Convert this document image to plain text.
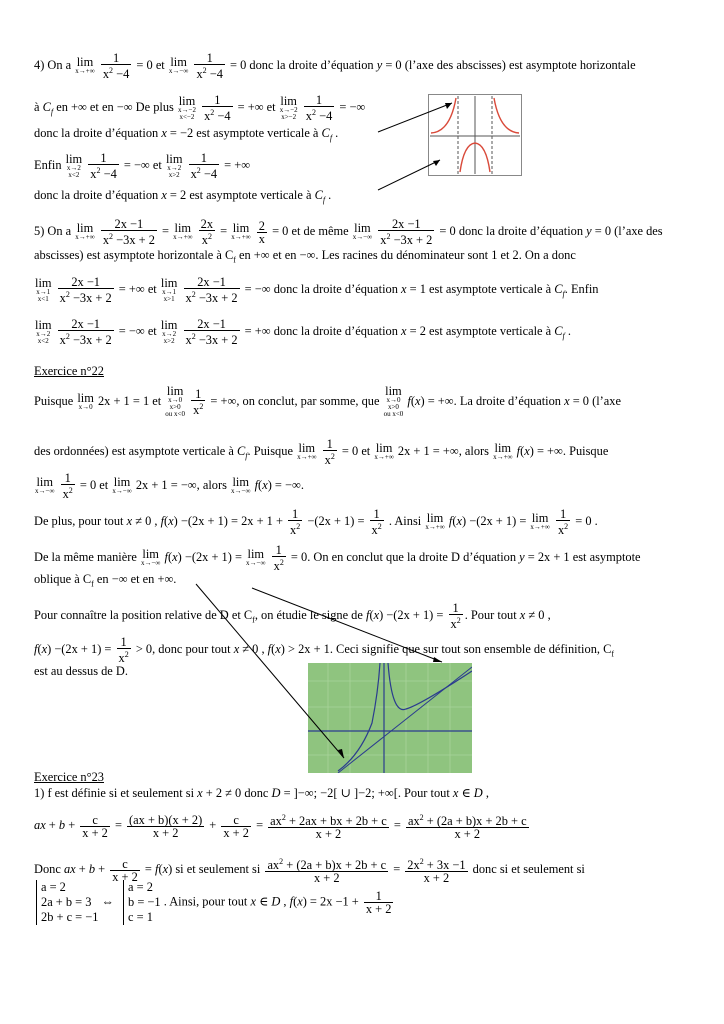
4) On a lim
x→+∞
$\frac{1}{x^2 -4} = 0$ et lim
x→−∞
$\frac{1}{x^2 -4} = 0$ donc la droite d’équation y = 0 (l’axe des abscisses) est asymptote horizontale
à $C_f$ en +∞ et en −∞ De plus lim
x→−2
x<−2
$\frac{1}{x^2 -4}$ = +∞ et lim
x→−2
x>−2
$\frac{1}{x^2 -4}$ = −∞
donc la droite d’équation x = −2 est asymptote verticale à $C_f$ .
Enfin lim
x→2
x<2
$\frac{1}{x^2 -4}$ = −∞ et lim
x→2
x>2
$\frac{1}{x^2 -4}$ = +∞
donc la droite d’équation x = 2 est asymptote verticale à $C_f$ .
5) On a lim
x→+∞
$\frac{2x -1}{x^2 -3x + 2} = \lim$
x→+∞
$\frac{2x}{x^2} = \lim$
x→+∞
$\frac{2}{x} = 0$ et de même lim
x→−∞
$\frac{2x -1}{x^2 -3x + 2} = 0$ donc la droite d’équation y = 0 (l’axe des
abscisses) est asymptote horizontale à $C_f$ en +∞ et en −∞. Les racines du dénominateur sont 1 et 2. On a donc
lim
x→1
x<1
$\frac{2x -1}{x^2 -3x + 2}$ = +∞ et lim
x→1
x>1
$\frac{2x -1}{x^2 -3x + 2}$ = −∞ donc la droite d’équation x = 1 est asymptote verticale à $C_f$. Enfin
lim
x→2
x<2
$\frac{2x -1}{x^2 -3x + 2}$ = −∞ et lim
x→2
x>2
$\frac{2x -1}{x^2 -3x + 2}$ = +∞ donc la droite d’équation x = 2 est asymptote verticale à $C_f$ .
Exercice n°22
Puisque lim
x→0 2x + 1 = 1 et
lim
x→0
x>0
ou x<0
$\frac{1}{x^2}$ = +∞, on conclut, par somme, que
lim
x→0
x>0
ou x<0
f(x) = +∞. La droite d’équation x = 0 (l’axe
des ordonnées) est asymptote verticale à $C_f$. Puisque lim
x→+∞
$\frac{1}{x^2} = 0$ et lim
x→+∞ 2x + 1 = +∞, alors lim
x→+∞ f(x) = +∞. Puisque
lim
x→−∞
$\frac{1}{x^2} = 0$ et lim
x→−∞ 2x + 1 = −∞, alors lim
x→−∞ f(x) = −∞.
De plus, pour tout x ≠ 0 , $f(x) -(2x + 1) = 2x + 1 + \frac{1}{x^2} -(2x + 1) = \frac{1}{x^2}$ . Ainsi lim
x→+∞ f(x) −(2x + 1) = lim
x→+∞
$\frac{1}{x^2} = 0$ .
De la même manière lim
x→−∞ f(x) −(2x + 1) = lim
x→−∞
$\frac{1}{x^2} = 0$. On en conclut que la droite D d’équation y = 2x + 1 est asymptote
oblique à $C_f$ en −∞ et en +∞.
Pour connaître la position relative de D et $C_f$, on étudie le signe de $f(x) -(2x + 1) = \frac{1}{x^2}$ . Pour tout x ≠ 0 ,
$f(x) -(2x + 1) = \frac{1}{x^2} > 0$, donc pour tout x ≠ 0 , f(x) > 2x + 1. Ceci signifie que sur tout son ensemble de définition, $C_f$
est au dessus de D.
Exercice n°23
1) f est définie si et seulement si x + 2 ≠ 0 donc D = ]−∞; −2[ ∪ ]−2; +∞[. Pour tout x ∈ D ,
ax + $b + \frac{c}{x + 2} = \frac{(ax + b)(x + 2)}{x + 2} + \frac{c}{x + 2} = \frac{ax^2 + 2ax + bx + 2b + c}{x + 2} = \frac{ax^2 + (2a + b)x + 2b + c}{x + 2}$
Donc ax + $b + \frac{c}{x + 2} = f(x)$ si et seulement si $\frac{ax^2 + (2a + b)x + 2b + c}{x + 2} = \frac{2x^2 + 3x -1}{x + 2}$ donc si et seulement si
a = 2
2a + b = 3
2b + c = −1
⇔
a = 2
b = −1
c = 1
. Ainsi, pour tout x ∈ D , $f(x) = 2x -1 + \frac{1}{x + 2}$
